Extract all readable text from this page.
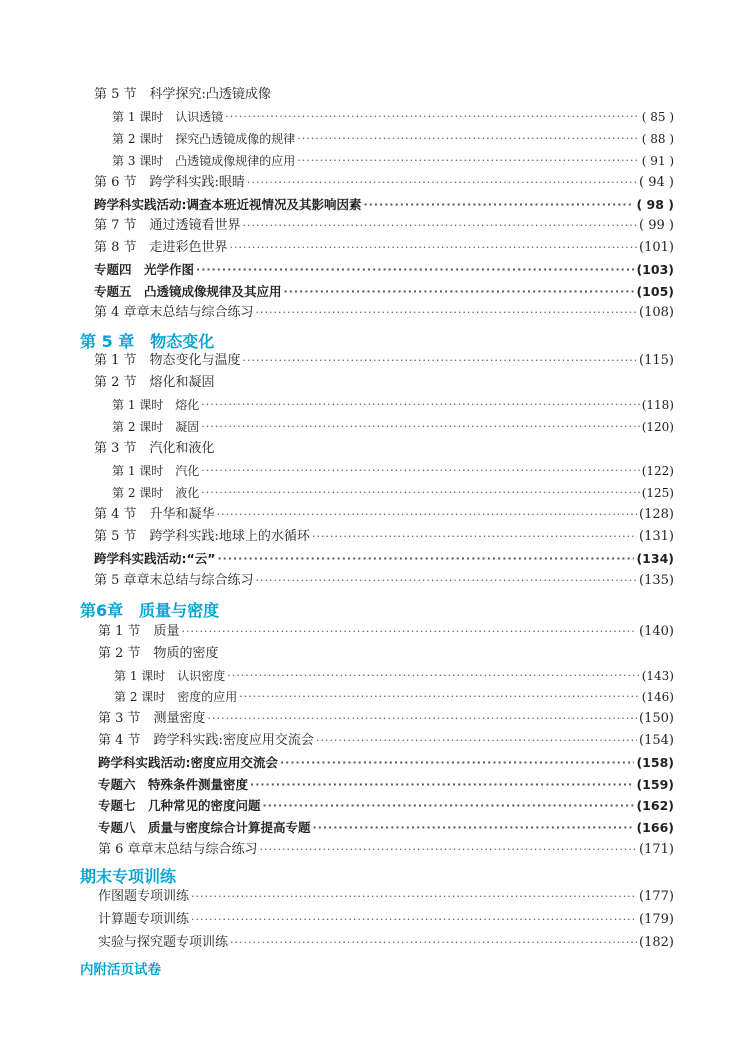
第 5 节　科学探究:凸透镜成像
第 1 课时　认识透镜 ·····	( 85 )
第 2 课时　探究凸透镜成像的规律 ·····	( 88 )
第 3 课时　凸透镜成像规律的应用 ·····	( 91 )
第 6 节　跨学科实践:眼睛 ·····	( 94 )
跨学科实践活动:调查本班近视情况及其影响因素 ·····	( 98 )
第 7 节　通过透镜看世界 ·····	( 99 )
第 8 节　走进彩色世界 ·····	(101)
专题四　光学作图 ·····	(103)
专题五　凸透镜成像规律及其应用 ·····	(105)
第 4 章章末总结与综合练习 ·····	(108)
第 5 章　物态变化
第 1 节　物态变化与温度 ·····	(115)
第 2 节　熔化和凝固
第 1 课时　熔化 ·····	(118)
第 2 课时　凝固 ·····	(120)
第 3 节　汽化和液化
第 1 课时　汽化 ·····	(122)
第 2 课时　液化 ·····	(125)
第 4 节　升华和凝华 ·····	(128)
第 5 节　跨学科实践:地球上的水循环 ·····	(131)
跨学科实践活动:“云” ·····	(134)
第 5 章章末总结与综合练习 ·····	(135)
第6章　质量与密度
第 1 节　质量 ·····	(140)
第 2 节　物质的密度
第 1 课时　认识密度 ·····	(143)
第 2 课时　密度的应用 ·····	(146)
第 3 节　测量密度 ·····	(150)
第 4 节　跨学科实践:密度应用交流会 ·····	(154)
跨学科实践活动:密度应用交流会 ·····	(158)
专题六　特殊条件测量密度 ·····	(159)
专题七　几种常见的密度问题 ·····	(162)
专题八　质量与密度综合计算提高专题 ·····	(166)
第 6 章章末总结与综合练习 ·····	(171)
期末专项训练
作图题专项训练 ·····	(177)
计算题专项训练 ·····	(179)
实验与探究题专项训练 ·····	(182)
内附活页试卷
